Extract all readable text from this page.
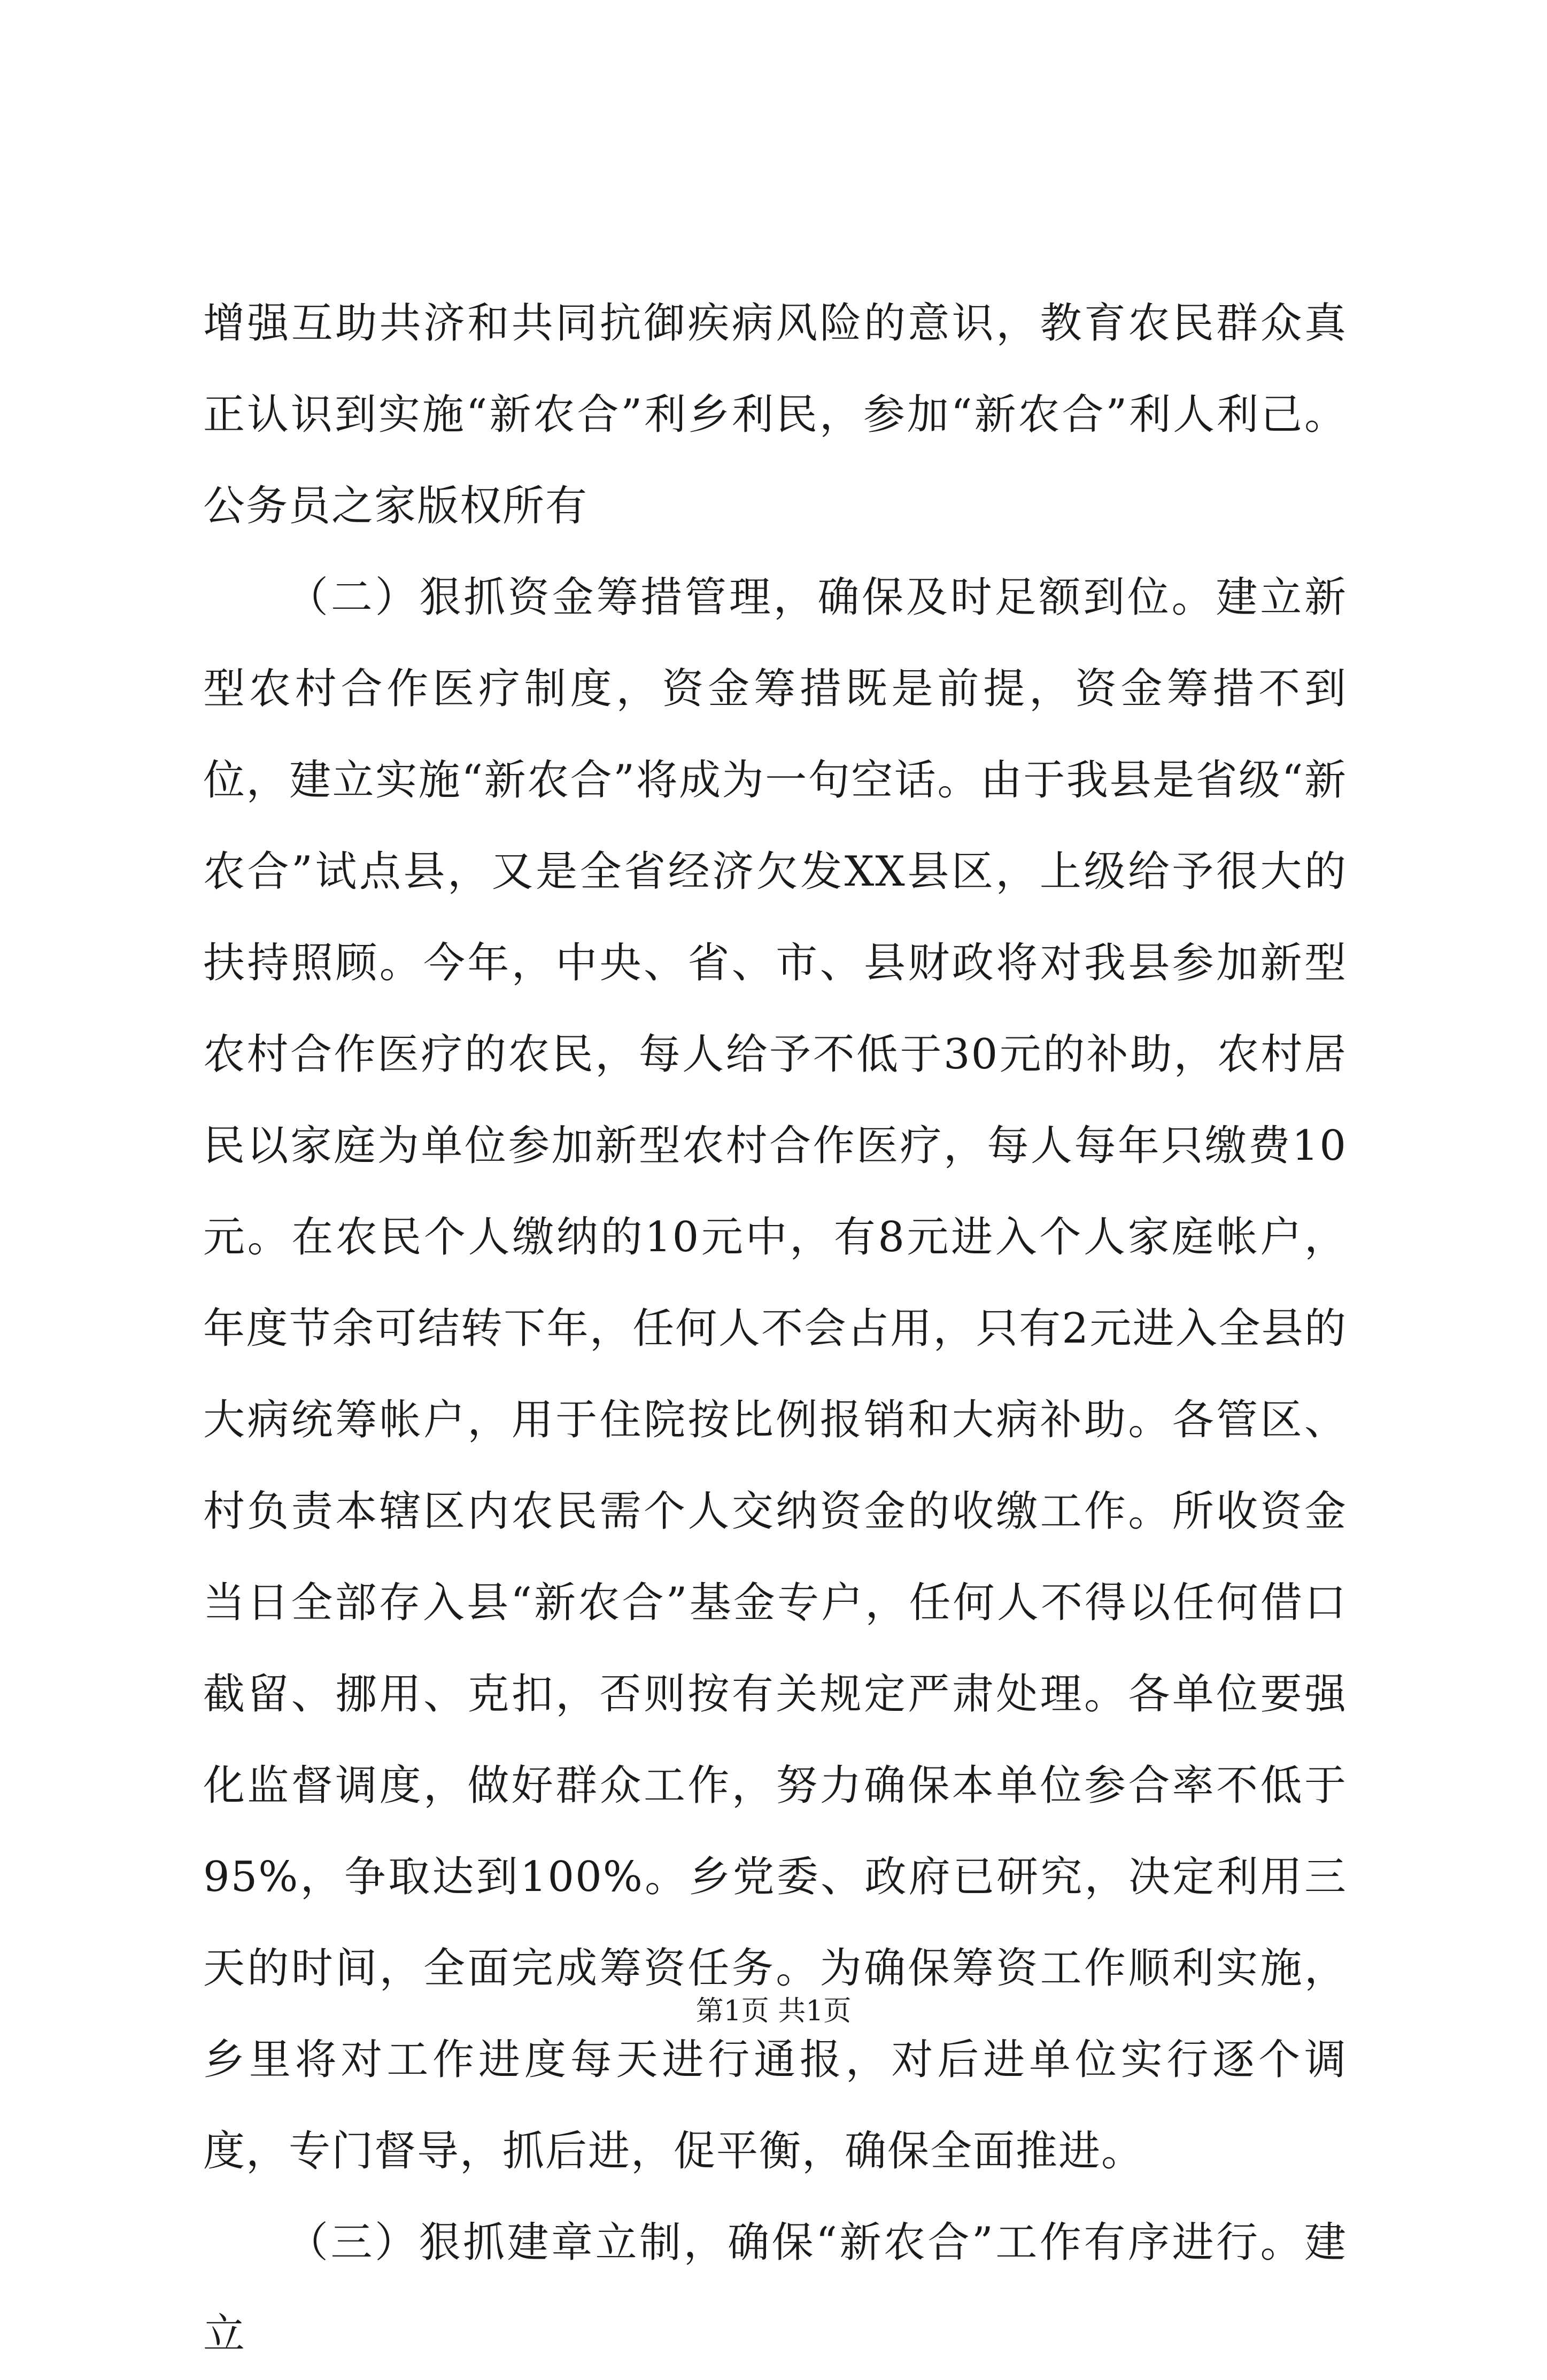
增强互助共济和共同抗御疾病风险的意识，教育农民群众真正认识到实施“新农合”利乡利民，参加“新农合”利人利己。公务员之家版权所有

（二）狠抓资金筹措管理，确保及时足额到位。建立新型农村合作医疗制度，资金筹措既是前提，资金筹措不到位，建立实施“新农合”将成为一句空话。由于我县是省级“新农合”试点县，又是全省经济欠发XX县区，上级给予很大的扶持照顾。今年，中央、省、市、县财政将对我县参加新型农村合作医疗的农民，每人给予不低于30元的补助，农村居民以家庭为单位参加新型农村合作医疗，每人每年只缴费10元。在农民个人缴纳的10元中，有8元进入个人家庭帐户，年度节余可结转下年，任何人不会占用，只有2元进入全县的大病统筹帐户，用于住院按比例报销和大病补助。各管区、村负责本辖区内农民需个人交纳资金的收缴工作。所收资金当日全部存入县“新农合”基金专户，任何人不得以任何借口截留、挪用、克扣，否则按有关规定严肃处理。各单位要强化监督调度，做好群众工作，努力确保本单位参合率不低于95%，争取达到100%。乡党委、政府已研究，决定利用三天的时间，全面完成筹资任务。为确保筹资工作顺利实施，乡里将对工作进度每天进行通报，对后进单位实行逐个调度，专门督导，抓后进，促平衡，确保全面推进。

（三）狠抓建章立制，确保“新农合”工作有序进行。建立

第1页 共1页
